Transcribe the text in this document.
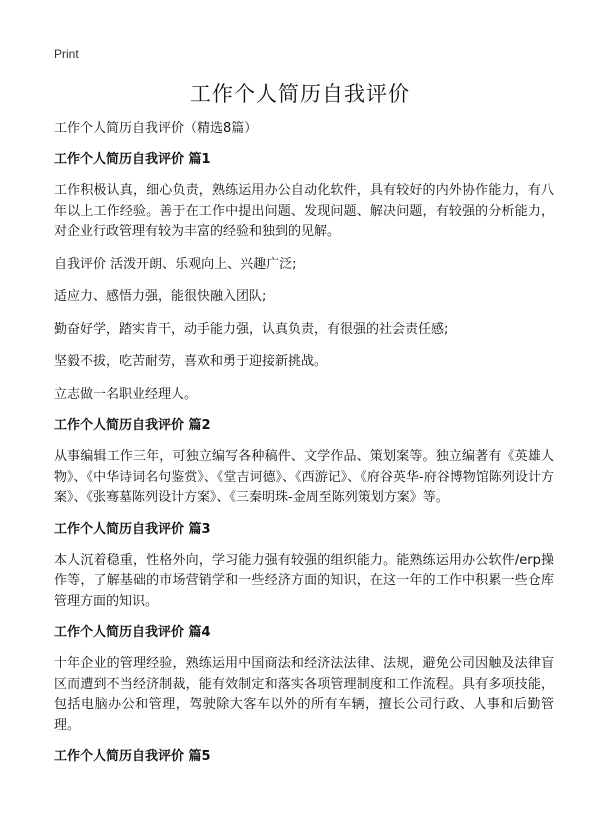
Print
工作个人简历自我评价

工作个人简历自我评价（精选8篇）

工作个人简历自我评价 篇1

工作积极认真，细心负责，熟练运用办公自动化软件，具有较好的内外协作能力，有八年以上工作经验。善于在工作中提出问题、发现问题、解决问题，有较强的分析能力，对企业行政管理有较为丰富的经验和独到的见解。

自我评价 活泼开朗、乐观向上、兴趣广泛;

适应力、感悟力强，能很快融入团队;

勤奋好学，踏实肯干，动手能力强，认真负责，有很强的社会责任感;

坚毅不拔，吃苦耐劳，喜欢和勇于迎接新挑战。

立志做一名职业经理人。

工作个人简历自我评价 篇2

从事编辑工作三年，可独立编写各种稿件、文学作品、策划案等。独立编著有《英雄人物》、《中华诗词名句鉴赏》、《堂吉诃德》、《西游记》、《府谷英华-府谷博物馆陈列设计方案》、《张骞墓陈列设计方案》、《三秦明珠-金周至陈列策划方案》等。

工作个人简历自我评价 篇3

本人沉着稳重，性格外向，学习能力强有较强的组织能力。能熟练运用办公软件/erp操作等，了解基础的市场营销学和一些经济方面的知识，在这一年的工作中积累一些仓库管理方面的知识。

工作个人简历自我评价 篇4

十年企业的管理经验，熟练运用中国商法和经济法法律、法规，避免公司因触及法律盲区而遭到不当经济制裁，能有效制定和落实各项管理制度和工作流程。具有多项技能，包括电脑办公和管理，驾驶除大客车以外的所有车辆，擅长公司行政、人事和后勤管理。

工作个人简历自我评价 篇5
